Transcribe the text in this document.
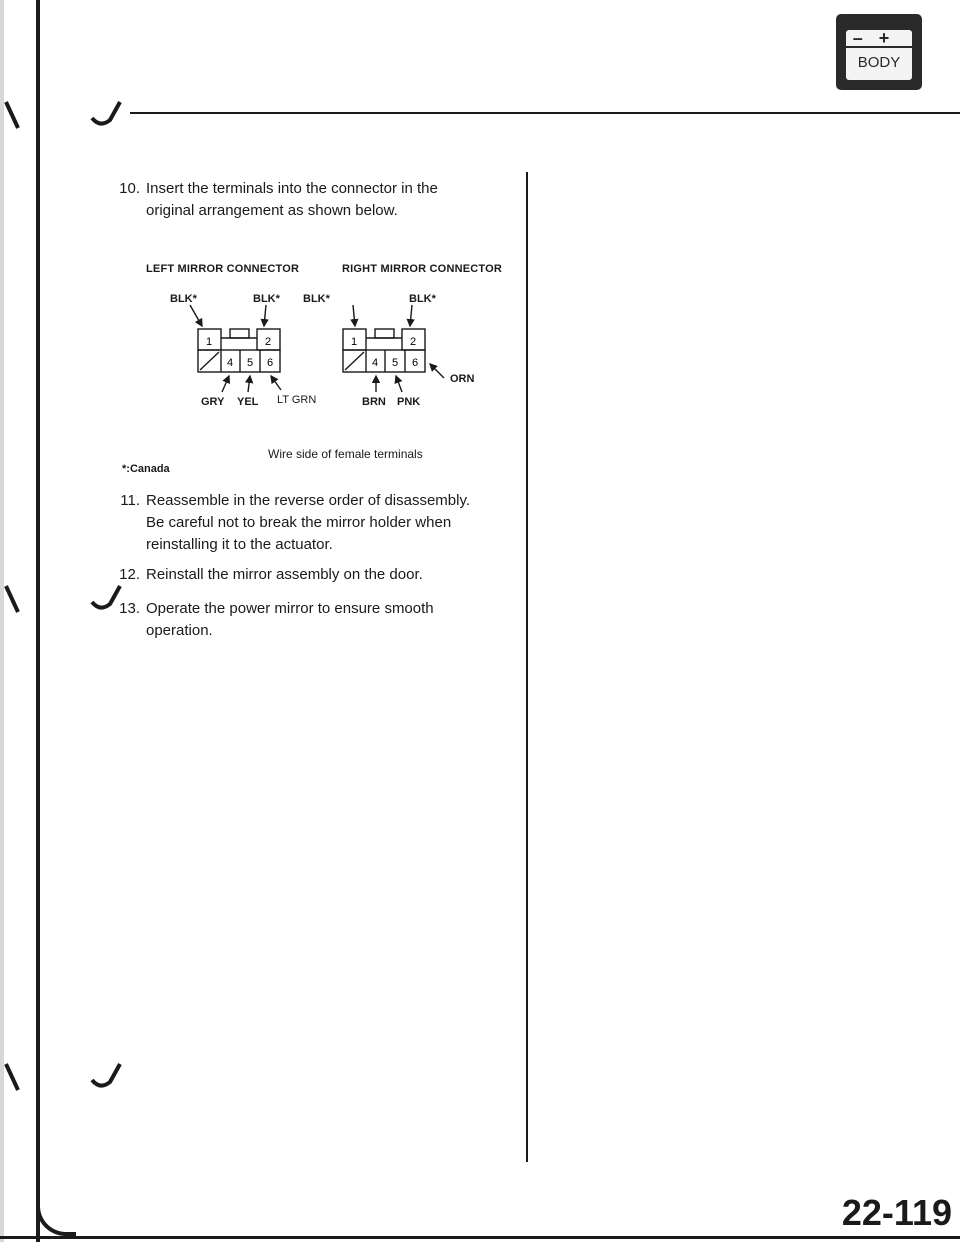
–+
BODY
10. Insert the terminals into the connector in the
original arrangement as shown below.
LEFT MIRROR CONNECTOR	RIGHT MIRROR CONNECTOR
1	2
4 5 6
1	2
4 5 6
BLK*	BLK* BLK*	BLK*
GRY YEL LT GRN	BRN PNK
ORN
Wire side of female terminals
*:Canada
11. Reassemble in the reverse order of disassembly.
Be careful not to break the mirror holder when
reinstalling it to the actuator.
12. Reinstall the mirror assembly on the door.
13. Operate the power mirror to ensure smooth
operation.
22-119
